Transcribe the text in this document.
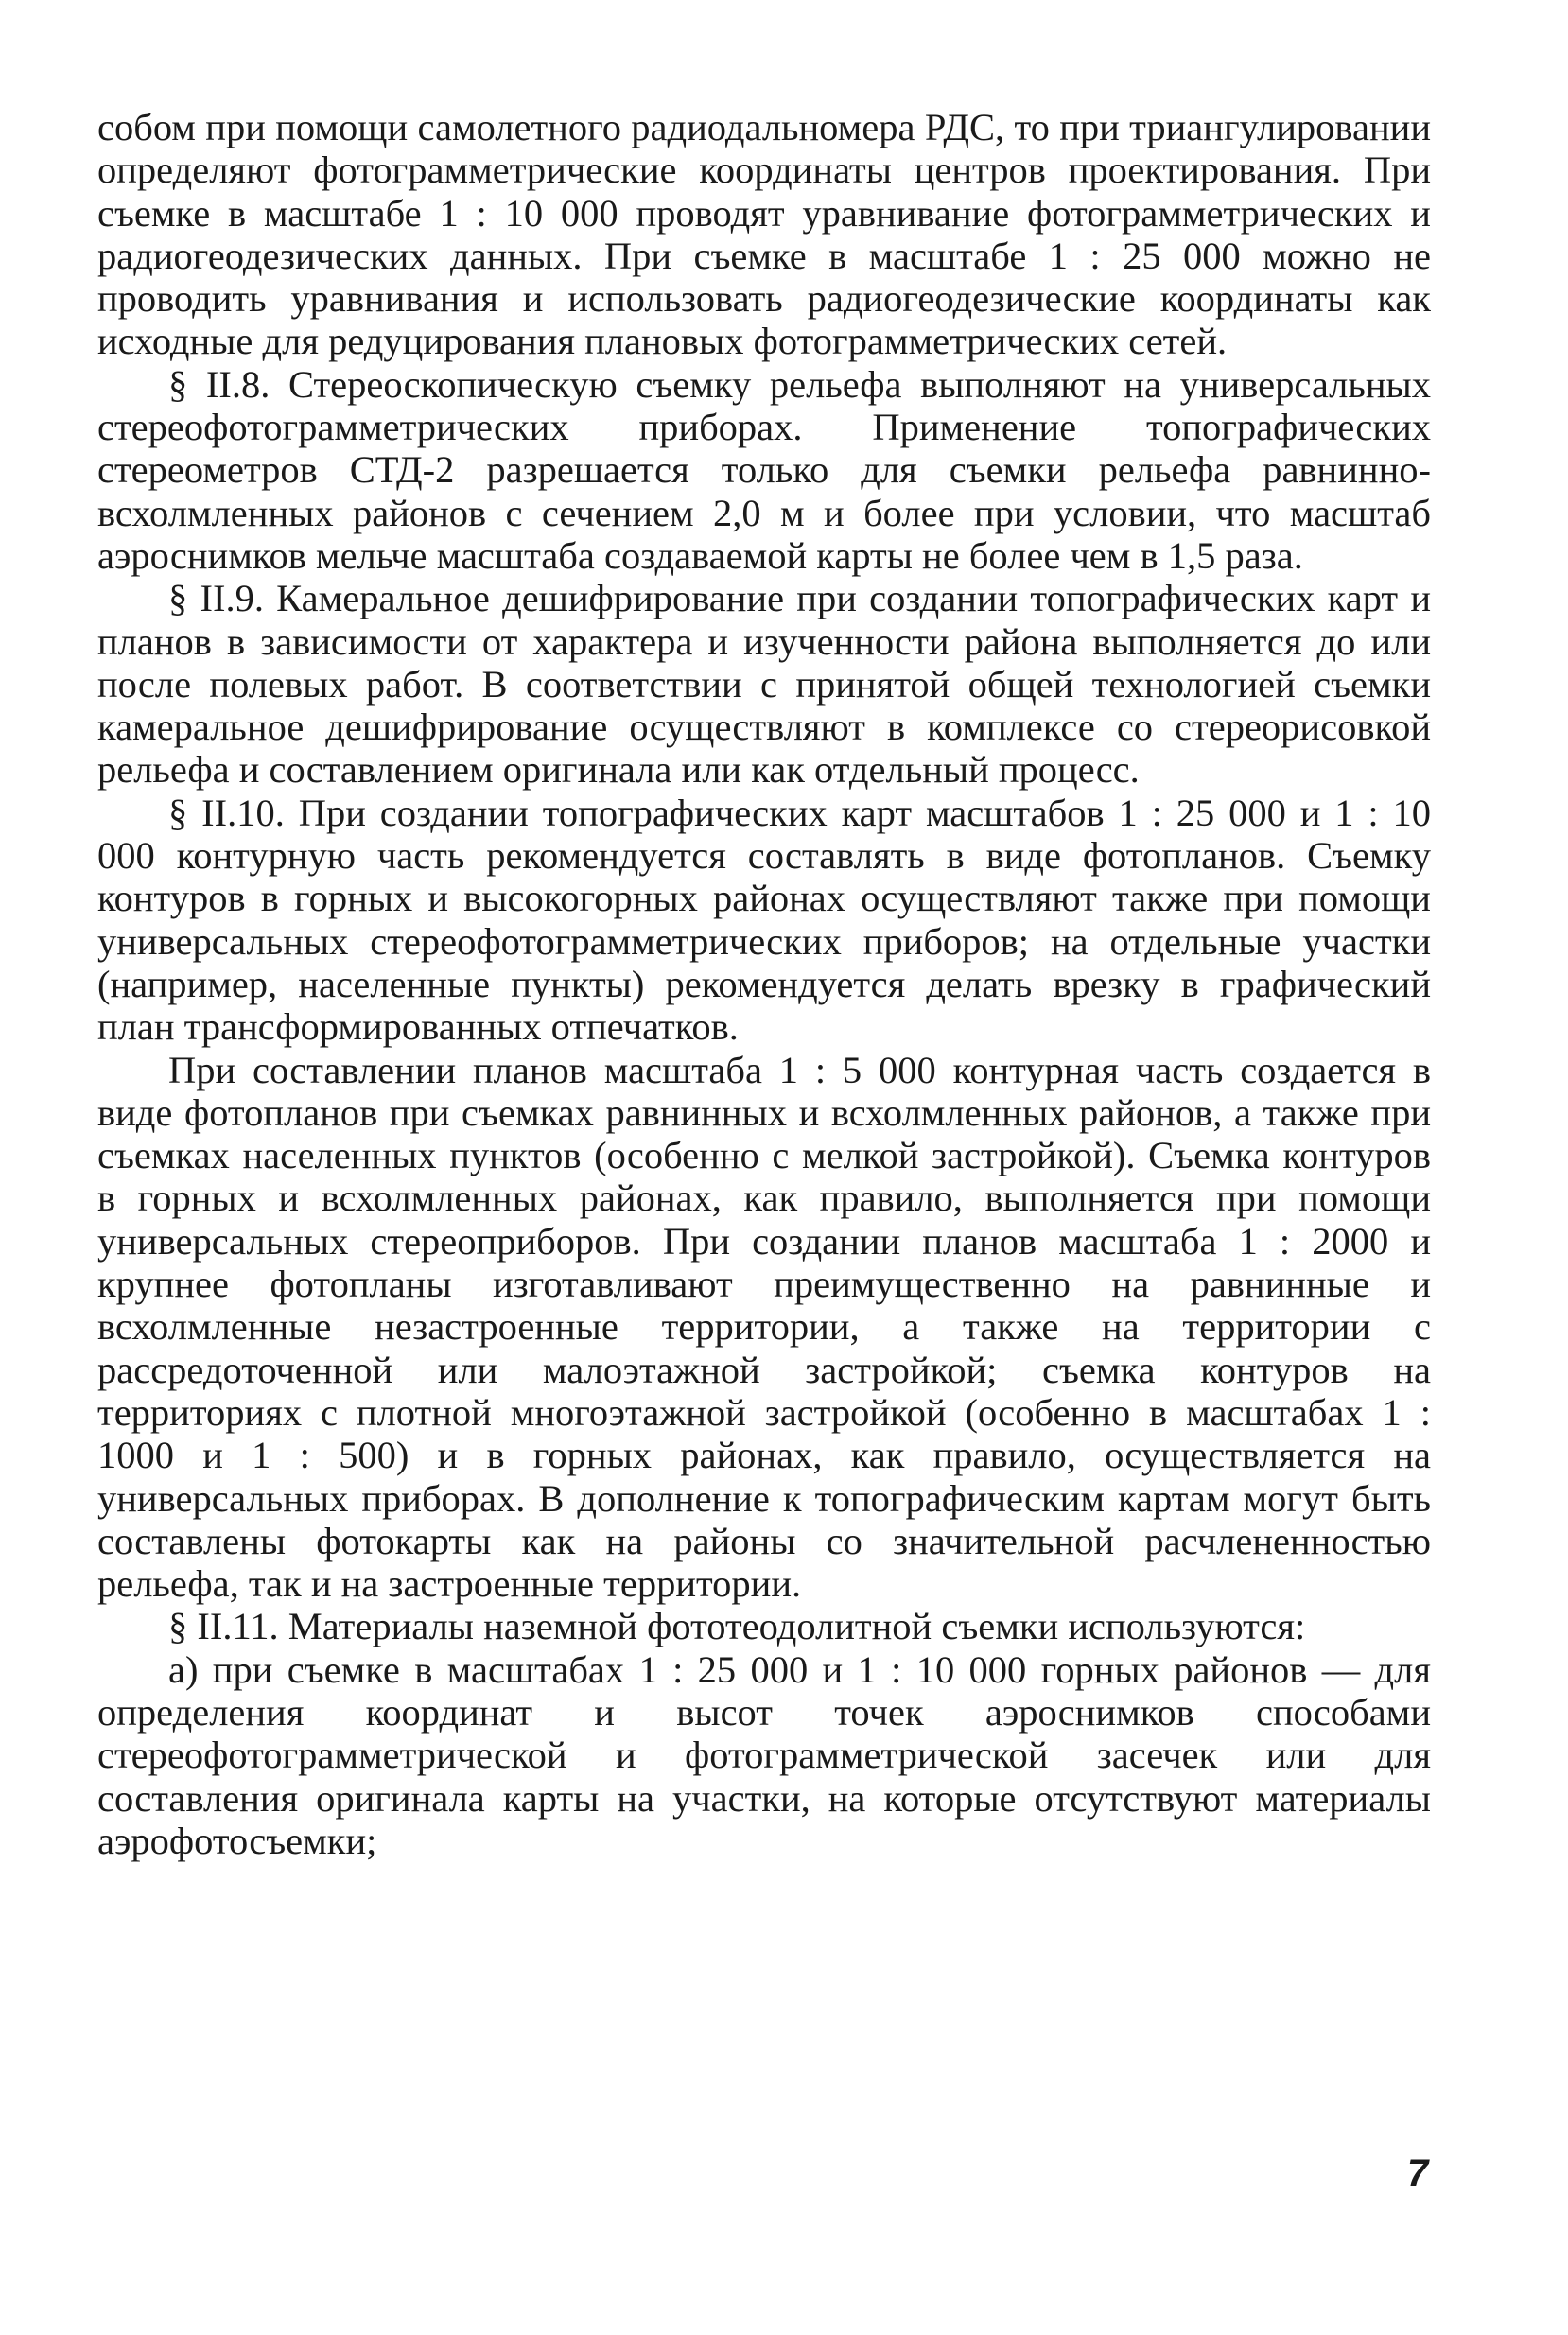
собом при помощи самолетного радиодальномера РДС, то при триангулировании определяют фотограмметрические координаты центров проектирования. При съемке в масштабе 1 : 10 000 проводят уравнивание фотограмметрических и радиогеодезических данных. При съемке в масштабе 1 : 25 000 можно не проводить уравнивания и использовать радиогеодезические координаты как исходные для редуцирования плановых фотограмметрических сетей.

§ II.8. Стереоскопическую съемку рельефа выполняют на универсальных стереофотограмметрических приборах. Применение топографических стереометров СТД-2 разрешается только для съемки рельефа равнинно-всхолмленных районов с сечением 2,0 м и более при условии, что масштаб аэроснимков мельче масштаба создаваемой карты не более чем в 1,5 раза.

§ II.9. Камеральное дешифрирование при создании топографических карт и планов в зависимости от характера и изученности района выполняется до или после полевых работ. В соответствии с принятой общей технологией съемки камеральное дешифрирование осуществляют в комплексе со стереорисовкой рельефа и составлением оригинала или как отдельный процесс.

§ II.10. При создании топографических карт масштабов 1 : 25 000 и 1 : 10 000 контурную часть рекомендуется составлять в виде фотопланов. Съемку контуров в горных и высокогорных районах осуществляют также при помощи универсальных стереофотограмметрических приборов; на отдельные участки (например, населенные пункты) рекомендуется делать врезку в графический план трансформированных отпечатков.

При составлении планов масштаба 1 : 5 000 контурная часть создается в виде фотопланов при съемках равнинных и всхолмленных районов, а также при съемках населенных пунктов (особенно с мелкой застройкой). Съемка контуров в горных и всхолмленных районах, как правило, выполняется при помощи универсальных стереоприборов. При создании планов масштаба 1 : 2000 и крупнее фотопланы изготавливают преимущественно на равнинные и всхолмленные незастроенные территории, а также на территории с рассредоточенной или малоэтажной застройкой; съемка контуров на территориях с плотной многоэтажной застройкой (особенно в масштабах 1 : 1000 и 1 : 500) и в горных районах, как правило, осуществляется на универсальных приборах. В дополнение к топографическим картам могут быть составлены фотокарты как на районы со значительной расчлененностью рельефа, так и на застроенные территории.

§ II.11. Материалы наземной фототеодолитной съемки используются:

а) при съемке в масштабах 1 : 25 000 и 1 : 10 000 горных районов — для определения координат и высот точек аэроснимков способами стереофотограмметрической и фотограмметрической засечек или для составления оригинала карты на участки, на которые отсутствуют материалы аэрофотосъемки;

7
